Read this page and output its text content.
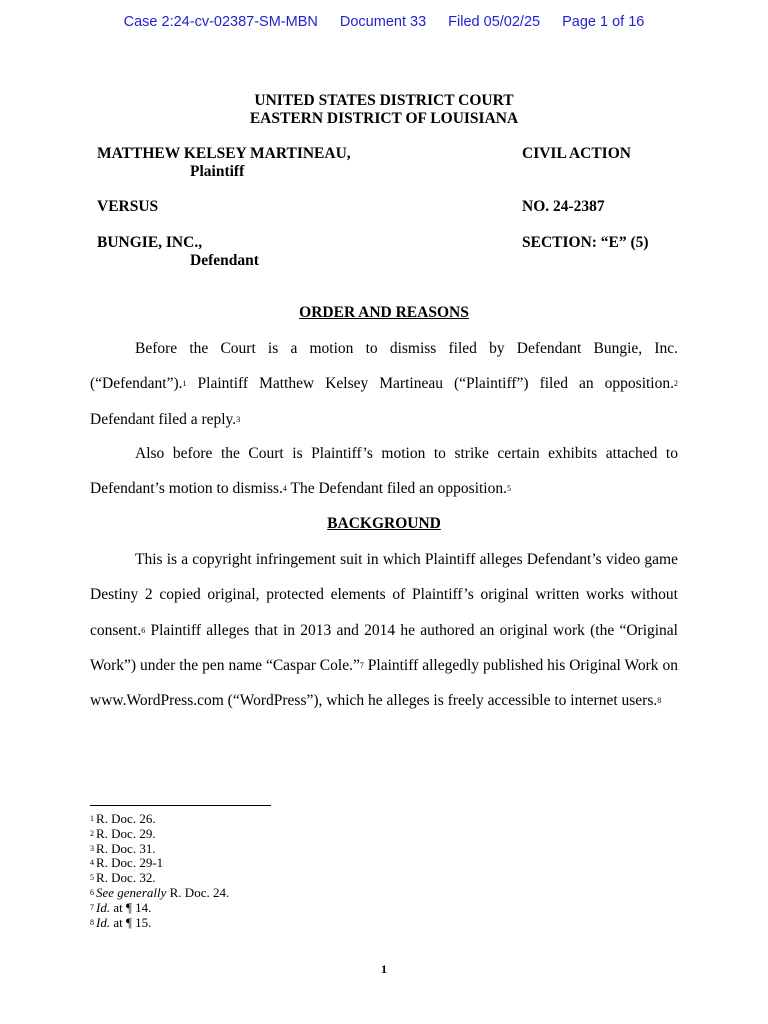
Case 2:24-cv-02387-SM-MBN Document 33 Filed 05/02/25 Page 1 of 16
UNITED STATES DISTRICT COURT
EASTERN DISTRICT OF LOUISIANA
MATTHEW KELSEY MARTINEAU,
Plaintiff
CIVIL ACTION
VERSUS	NO. 24-2387
BUNGIE, INC.,
Defendant
SECTION: “E” (5)
ORDER AND REASONS

Before the Court is a motion to dismiss filed by Defendant Bungie, Inc. (“Defendant”).$^1$ Plaintiff Matthew Kelsey Martineau (“Plaintiff”) filed an opposition.$^2$ Defendant filed a reply.$^3$

Also before the Court is Plaintiff’s motion to strike certain exhibits attached to Defendant’s motion to dismiss.$^4$ The Defendant filed an opposition.$^5$

BACKGROUND

This is a copyright infringement suit in which Plaintiff alleges Defendant’s video game Destiny 2 copied original, protected elements of Plaintiff’s original written works without consent.$^6$ Plaintiff alleges that in 2013 and 2014 he authored an original work (the “Original Work”) under the pen name “Caspar Cole.”$^7$ Plaintiff allegedly published his Original Work on www.WordPress.com (“WordPress”), which he alleges is freely accessible to internet users.$^8$

1 R. Doc. 26.
2 R. Doc. 29.
3 R. Doc. 31.
4 R. Doc. 29-1
5 R. Doc. 32.
6 See generally R. Doc. 24.
7 Id. at ¶ 14.
8 Id. at ¶ 15.
1
